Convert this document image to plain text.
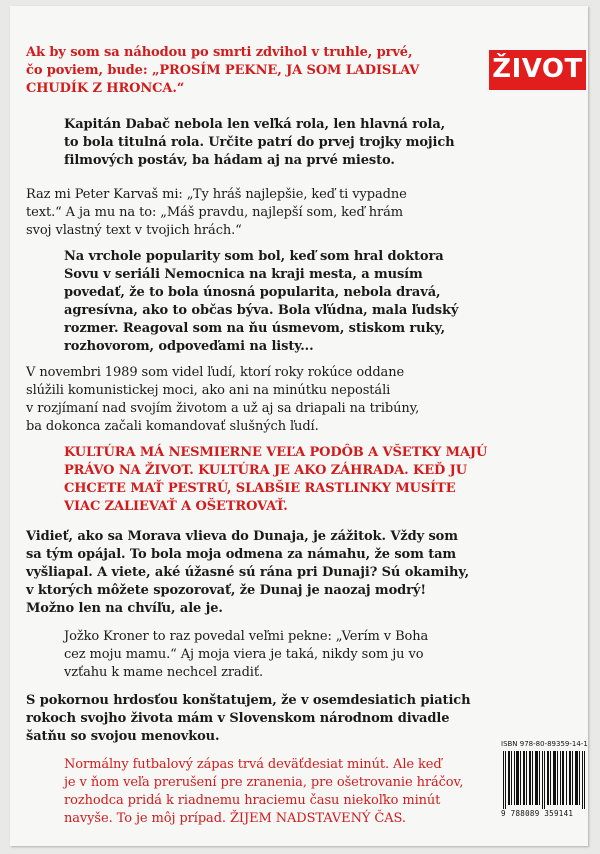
ŽIVOT

Ak by som sa náhodou po smrti zdvihol v truhle, prvé,

čo poviem, bude: „PROSÍM PEKNE, JA SOM LADISLAV

CHUDÍK Z HRONCA.“

Kapitán Dabač nebola len veľká rola, len hlavná rola,

to bola titulná rola. Určite patrí do prvej trojky mojich

filmových postáv, ba hádam aj na prvé miesto.

Raz mi Peter Karvaš mi: „Ty hráš najlepšie, keď ti vypadne

text.“ A ja mu na to: „Máš pravdu, najlepší som, keď hrám

svoj vlastný text v tvojich hrách.“

Na vrchole popularity som bol, keď som hral doktora

Sovu v seriáli Nemocnica na kraji mesta, a musím

povedať, že to bola únosná popularita, nebola dravá,

agresívna, ako to občas býva. Bola vľúdna, mala ľudský

rozmer. Reagoval som na ňu úsmevom, stiskom ruky,

rozhovorom, odpoveďami na listy...

V novembri 1989 som videl ľudí, ktorí roky rokúce oddane

slúžili komunistickej moci, ako ani na minútku nepostáli

v rozjímaní nad svojím životom a už aj sa driapali na tribúny,

ba dokonca začali komandovať slušných ľudí.

KULTÚRA MÁ NESMIERNE VEĽA PODÔB A VŠETKY MAJÚ

PRÁVO NA ŽIVOT. KULTÚRA JE AKO ZÁHRADA. KEĎ JU

CHCETE MAŤ PESTRÚ, SLABŠIE RASTLINKY MUSÍTE

VIAC ZALIEVAŤ A OŠETROVAŤ.

Vidieť, ako sa Morava vlieva do Dunaja, je zážitok. Vždy som

sa tým opájal. To bola moja odmena za námahu, že som tam

vyšliapal. A viete, aké úžasné sú rána pri Dunaji? Sú okamihy,

v ktorých môžete spozorovať, že Dunaj je naozaj modrý!

Možno len na chvíľu, ale je.

Jožko Kroner to raz povedal veľmi pekne: „Verím v Boha

cez moju mamu.“ Aj moja viera je taká, nikdy som ju vo

vzťahu k mame nechcel zradiť.

S pokornou hrdosťou konštatujem, že v osemdesiatich piatich

rokoch svojho života mám v Slovenskom národnom divadle

šatňu so svojou menovkou.

Normálny futbalový zápas trvá deväťdesiat minút. Ale keď

je v ňom veľa prerušení pre zranenia, pre ošetrovanie hráčov,

rozhodca pridá k riadnemu hraciemu času niekoľko minút

navyše. To je môj prípad. ŽIJEM NADSTAVENÝ ČAS.

ISBN 978-80-89359-14-1
9 788089 359141
